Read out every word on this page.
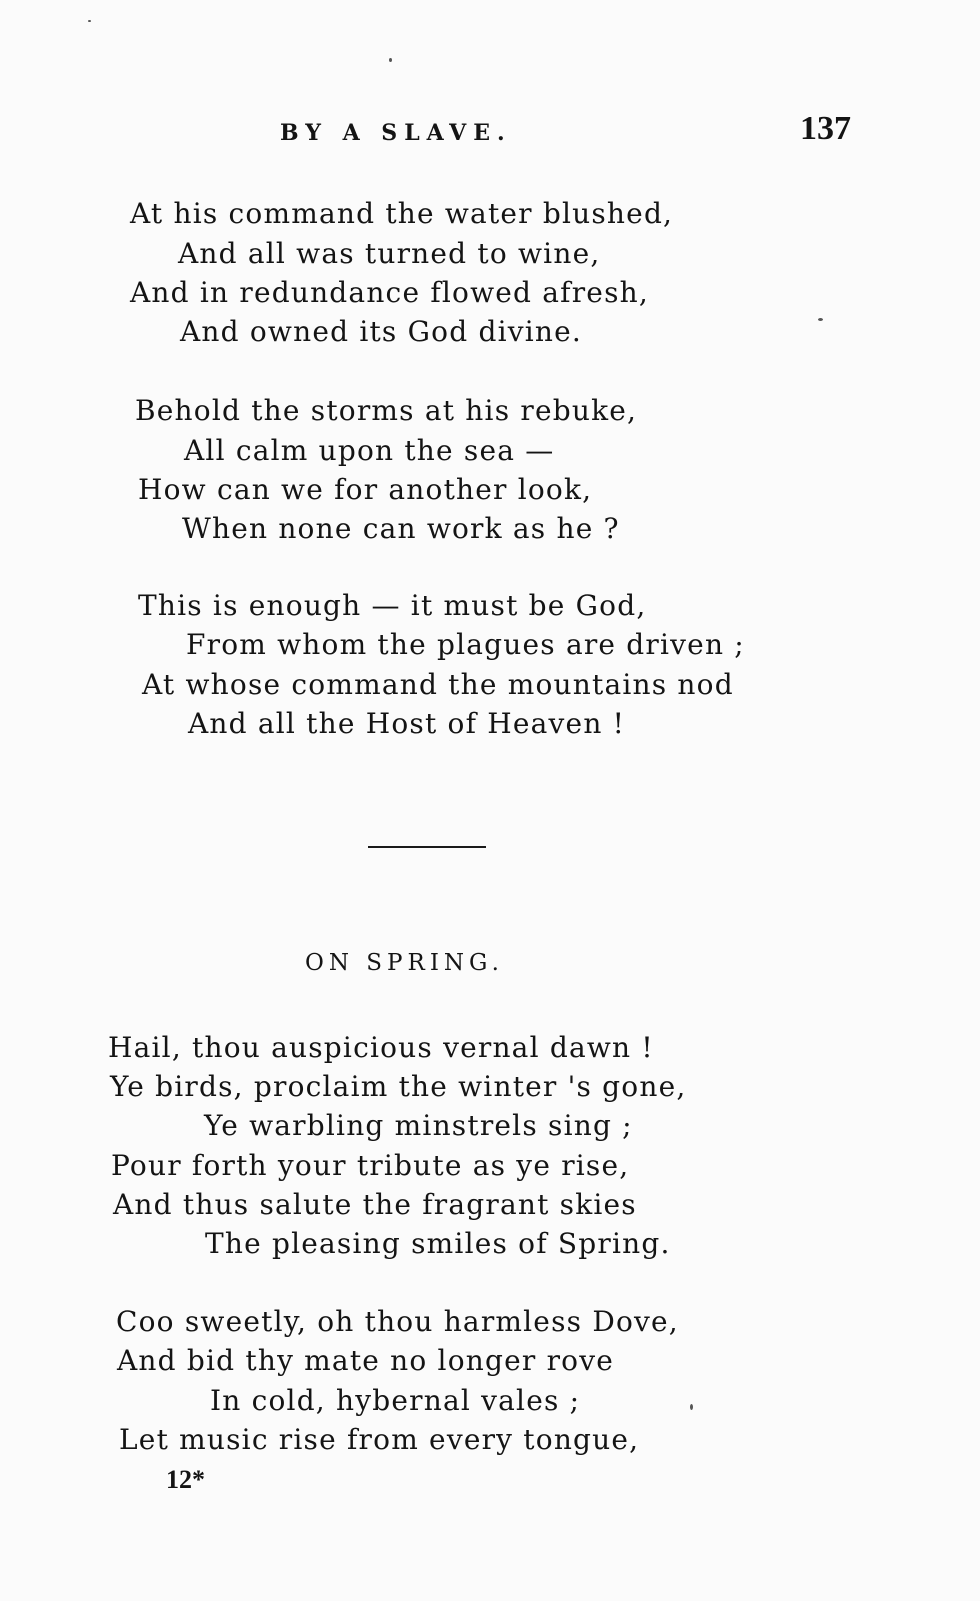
BY A SLAVE.	137
At his command the water blushed,
And all was turned to wine,
And in redundance flowed afresh,
And owned its God divine.
Behold the storms at his rebuke,
All calm upon the sea —
How can we for another look,
When none can work as he ?
This is enough — it must be God,
From whom the plagues are driven ;
At whose command the mountains nod
And all the Host of Heaven !
ON SPRING.
Hail, thou auspicious vernal dawn !
Ye birds, proclaim the winter 's gone,
Ye warbling minstrels sing ;
Pour forth your tribute as ye rise,
And thus salute the fragrant skies
The pleasing smiles of Spring.
Coo sweetly, oh thou harmless Dove,
And bid thy mate no longer rove
In cold, hybernal vales ;
Let music rise from every tongue,
12*
